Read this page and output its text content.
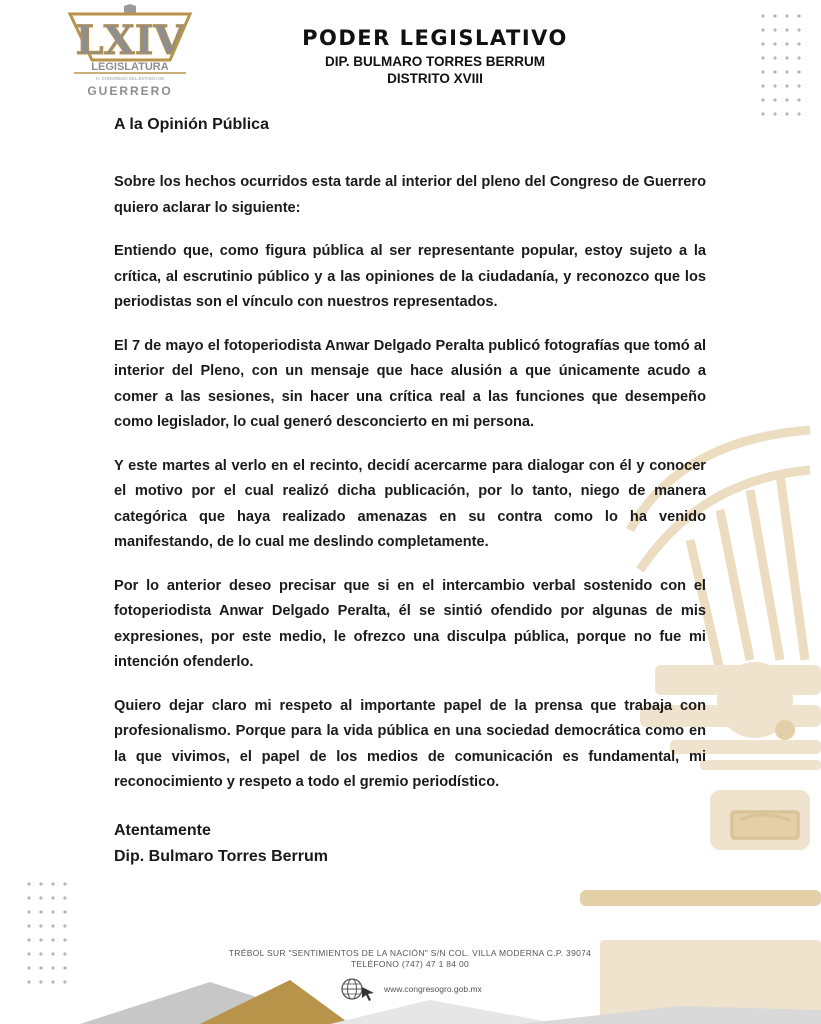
LXIV
LEGISLATURA
H. CONGRESO DEL ESTADO DE
GUERRERO
PODER LEGISLATIVO
DIP. BULMARO TORRES BERRUM
DISTRITO XVIII
A la Opinión Pública

Sobre los hechos ocurridos esta tarde al interior del pleno del Congreso de Guerrero quiero aclarar lo siguiente:

Entiendo que, como figura pública al ser representante popular, estoy sujeto a la crítica, al escrutinio público y a las opiniones de la ciudadanía, y reconozco que los periodistas son el vínculo con nuestros representados.

El 7 de mayo el fotoperiodista Anwar Delgado Peralta publicó fotografías que tomó al interior del Pleno, con un mensaje que hace alusión a que únicamente acudo a comer a las sesiones, sin hacer una crítica real a las funciones que desempeño como legislador, lo cual generó desconcierto en mi persona.

Y este martes al verlo en el recinto, decidí acercarme para dialogar con él y conocer el motivo por el cual realizó dicha publicación, por lo tanto, niego de manera categórica que haya realizado amenazas en su contra como lo ha venido manifestando, de lo cual me deslindo completamente.

Por lo anterior deseo precisar que si en el intercambio verbal sostenido con el fotoperiodista Anwar Delgado Peralta, él se sintió ofendido por algunas de mis expresiones, por este medio, le ofrezco una disculpa pública, porque no fue mi intención ofenderlo.

Quiero dejar claro mi respeto al importante papel de la prensa que trabaja con profesionalismo. Porque para la vida pública en una sociedad democrática como en la que vivimos, el papel de los medios de comunicación es fundamental, mi reconocimiento y respeto a todo el gremio periodístico.

Atentamente
Dip. Bulmaro Torres Berrum
TRÉBOL SUR "SENTIMIENTOS DE LA NACIÓN" S/N COL. VILLA MODERNA C.P. 39074
TELÉFONO (747) 47 1 84 00
www.congresogro.gob.mx
